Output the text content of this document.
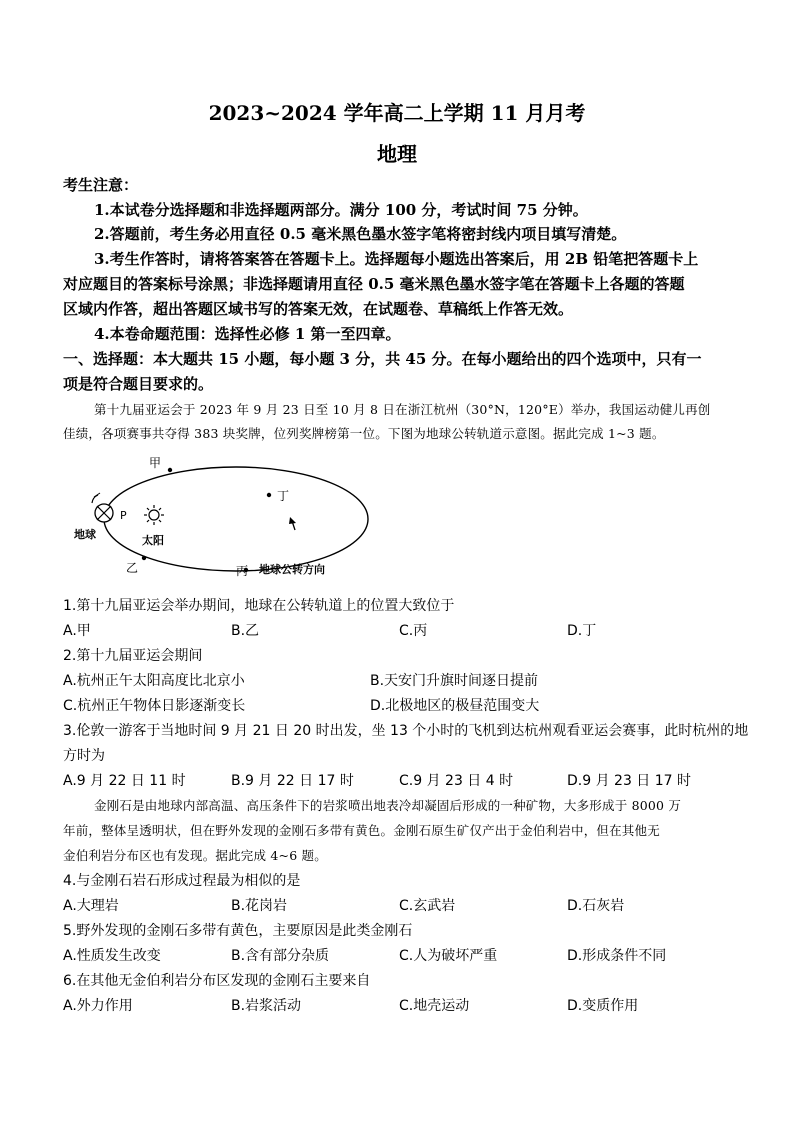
2023~2024 学年高二上学期 11 月月考
地理
考生注意：
1.本试卷分选择题和非选择题两部分。满分 100 分，考试时间 75 分钟。
2.答题前，考生务必用直径 0.5 毫米黑色墨水签字笔将密封线内项目填写清楚。
3.考生作答时，请将答案答在答题卡上。选择题每小题选出答案后，用 2B 铅笔把答题卡上
对应题目的答案标号涂黑；非选择题请用直径 0.5 毫米黑色墨水签字笔在答题卡上各题的答题
区域内作答，超出答题区域书写的答案无效，在试题卷、草稿纸上作答无效。
4.本卷命题范围：选择性必修 1 第一至四章。
一、选择题：本大题共 15 小题，每小题 3 分，共 45 分。在每小题给出的四个选项中，只有一
项是符合题目要求的。
第十九届亚运会于 2023 年 9 月 23 日至 10 月 8 日在浙江杭州（30°N，120°E）举办，我国运动健儿再创
佳绩，各项赛事共夺得 383 块奖牌，位列奖牌榜第一位。下图为地球公转轨道示意图。据此完成 1~3 题。
甲
乙	丙
丁
P
地球	太阳
地球公转方向
1.第十九届亚运会举办期间，地球在公转轨道上的位置大致位于
A.甲	B.乙	C.丙	D.丁
2.第十九届亚运会期间
A.杭州正午太阳高度比北京小	B.天安门升旗时间逐日提前
C.杭州正午物体日影逐渐变长	D.北极地区的极昼范围变大
3.伦敦一游客于当地时间 9 月 21 日 20 时出发，坐 13 个小时的飞机到达杭州观看亚运会赛事，此时杭州的地
方时为
A.9 月 22 日 11 时	B.9 月 22 日 17 时	C.9 月 23 日 4 时	D.9 月 23 日 17 时
金刚石是由地球内部高温、高压条件下的岩浆喷出地表冷却凝固后形成的一种矿物，大多形成于 8000 万
年前，整体呈透明状，但在野外发现的金刚石多带有黄色。金刚石原生矿仅产出于金伯利岩中，但在其他无
金伯利岩分布区也有发现。据此完成 4~6 题。
4.与金刚石岩石形成过程最为相似的是
A.大理岩	B.花岗岩	C.玄武岩	D.石灰岩
5.野外发现的金刚石多带有黄色，主要原因是此类金刚石
A.性质发生改变	B.含有部分杂质	C.人为破坏严重	D.形成条件不同
6.在其他无金伯利岩分布区发现的金刚石主要来自
A.外力作用	B.岩浆活动	C.地壳运动	D.变质作用
